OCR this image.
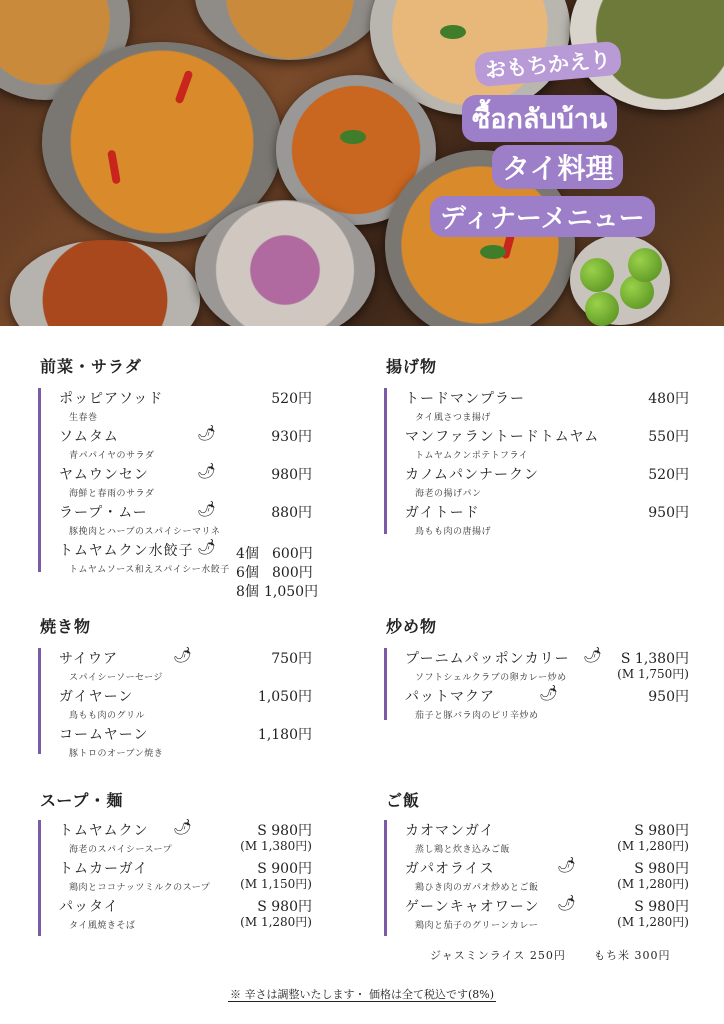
おもちかえり
ซื้อกลับบ้าน
タイ料理
ディナーメニュー
前菜・サラダ
ポッピアソッド
生春巻
520円
ソムタム
青パパイヤのサラダ
🌶	930円
ヤムウンセン
海鮮と春雨のサラダ
🌶	980円
ラープ・ムー
豚挽肉とハーブのスパイシーマリネ
🌶	880円
トムヤムクン水餃子
トムヤムソース和えスパイシー水餃子
🌶 4個 600円
6個 800円
8個 1,050円
揚げ物
トードマンプラー
タイ風さつま揚げ
480円
マンファラントードトムヤム
トムヤムクンポテトフライ
550円
カノムパンナークン
海老の揚げパン
520円
ガイトード
鳥もも肉の唐揚げ
950円
焼き物
サイウア
スパイシーソーセージ
🌶	750円
ガイヤーン
鳥もも肉のグリル
1,050円
コームヤーン
豚トロのオーブン焼き
1,180円
炒め物
プーニムパッポンカリー
ソフトシェルクラブの卵カレー炒め
🌶 S 1,380円
(M 1,750円)
パットマクア
茄子と豚バラ肉のピリ辛炒め
🌶	950円
スープ・麺
トムヤムクン
海老のスパイシースープ
🌶	S 980円
(M 1,380円)
トムカーガイ
鶏肉とココナッツミルクのスープ
S 900円
(M 1,150円)
パッタイ
タイ風焼きそば
S 980円
(M 1,280円)
ご飯
カオマンガイ
蒸し鶏と炊き込みご飯
S 980円
(M 1,280円)
ガパオライス
鶏ひき肉のガパオ炒めとご飯
🌶	S 980円
(M 1,280円)
ゲーンキャオワーン
鶏肉と茄子のグリーンカレー
🌶	S 980円
(M 1,280円)
ジャスミンライス 250円	もち米 300円
※ 辛さは調整いたします・ 価格は全て税込です(8%)
